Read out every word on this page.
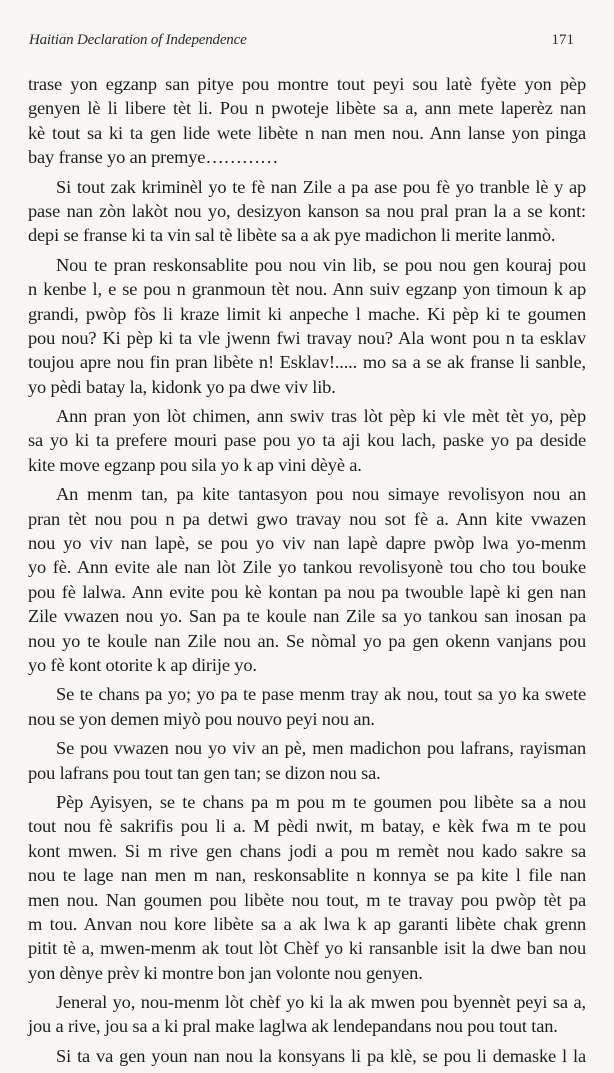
Haitian Declaration of Independence	171
trase yon egzanp san pitye pou montre tout peyi sou latè fyète yon pèp
genyen lè li libere tèt li. Pou n pwoteje libète sa a, ann mete laperèz nan
kè tout sa ki ta gen lide wete libète n nan men nou. Ann lanse yon pinga
bay franse yo an premye…………
Si tout zak kriminèl yo te fè nan Zile a pa ase pou fè yo tranble lè y ap
pase nan zòn lakòt nou yo, desizyon kanson sa nou pral pran la a se kont:
depi se franse ki ta vin sal tè libète sa a ak pye madichon li merite lanmò.
Nou te pran reskonsablite pou nou vin lib, se pou nou gen kouraj pou
n kenbe l, e se pou n granmoun tèt nou. Ann suiv egzanp yon timoun k ap
grandi, pwòp fòs li kraze limit ki anpeche l mache. Ki pèp ki te goumen
pou nou? Ki pèp ki ta vle jwenn fwi travay nou? Ala wont pou n ta esklav
toujou apre nou fin pran libète n! Esklav!..... mo sa a se ak franse li sanble,
yo pèdi batay la, kidonk yo pa dwe viv lib.
Ann pran yon lòt chimen, ann swiv tras lòt pèp ki vle mèt tèt yo, pèp
sa yo ki ta prefere mouri pase pou yo ta aji kou lach, paske yo pa deside
kite move egzanp pou sila yo k ap vini dèyè a.
An menm tan, pa kite tantasyon pou nou simaye revolisyon nou an
pran tèt nou pou n pa detwi gwo travay nou sot fè a. Ann kite vwazen
nou yo viv nan lapè, se pou yo viv nan lapè dapre pwòp lwa yo-menm
yo fè. Ann evite ale nan lòt Zile yo tankou revolisyonè tou cho tou bouke
pou fè lalwa. Ann evite pou kè kontan pa nou pa twouble lapè ki gen nan
Zile vwazen nou yo. San pa te koule nan Zile sa yo tankou san inosan pa
nou yo te koule nan Zile nou an. Se nòmal yo pa gen okenn vanjans pou
yo fè kont otorite k ap dirije yo.
Se te chans pa yo; yo pa te pase menm tray ak nou, tout sa yo ka swete
nou se yon demen miyò pou nouvo peyi nou an.
Se pou vwazen nou yo viv an pè, men madichon pou lafrans, rayisman
pou lafrans pou tout tan gen tan; se dizon nou sa.
Pèp Ayisyen, se te chans pa m pou m te goumen pou libète sa a nou
tout nou fè sakrifis pou li a. M pèdi nwit, m batay, e kèk fwa m te pou
kont mwen. Si m rive gen chans jodi a pou m remèt nou kado sakre sa
nou te lage nan men m nan, reskonsablite n konnya se pa kite l file nan
men nou. Nan goumen pou libète nou tout, m te travay pou pwòp tèt pa
m tou. Anvan nou kore libète sa a ak lwa k ap garanti libète chak grenn
pitit tè a, mwen-menm ak tout lòt Chèf yo ki ransanble isit la dwe ban nou
yon dènye prèv ki montre bon jan volonte nou genyen.
Jeneral yo, nou-menm lòt chèf yo ki la ak mwen pou byennèt peyi sa a,
jou a rive, jou sa a ki pral make laglwa ak lendepandans nou pou tout tan.
Si ta va gen youn nan nou la konsyans li pa klè, se pou li demaske l la
